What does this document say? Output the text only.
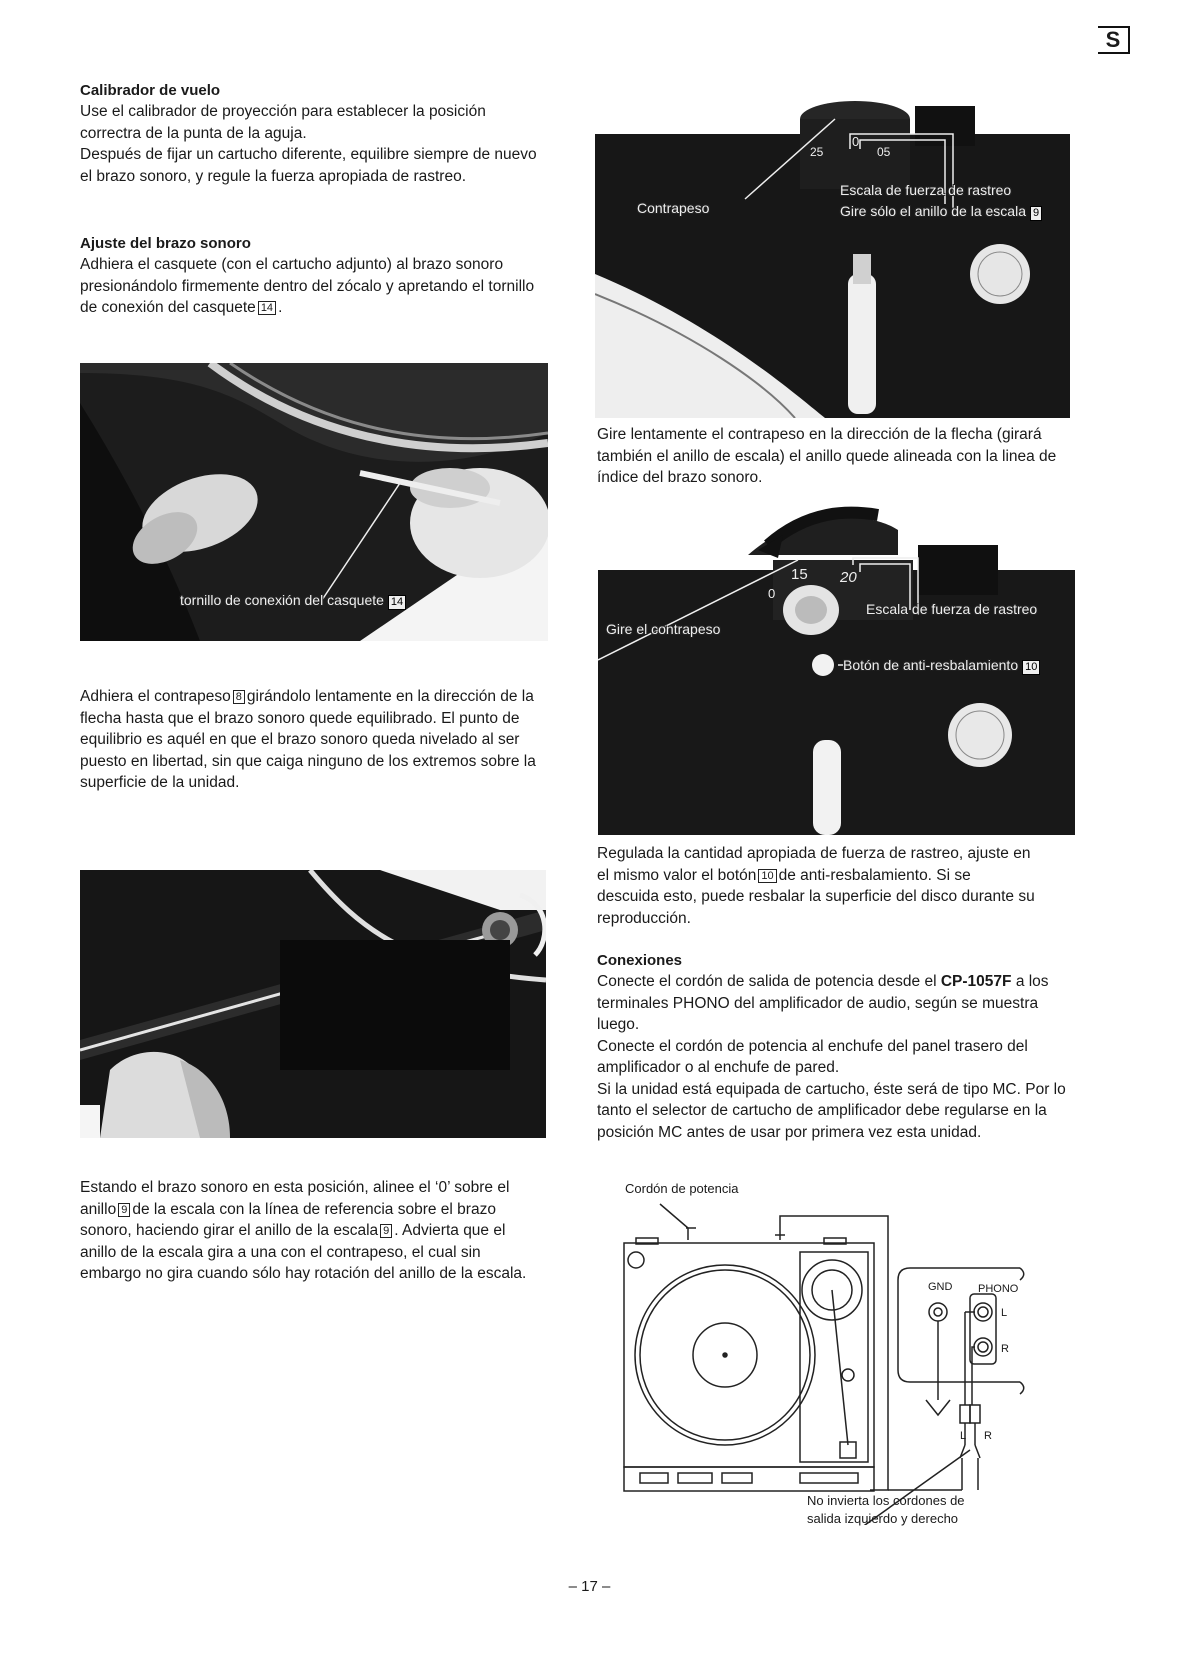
S

Calibrador de vuelo

Use el calibrador de proyección para establecer la posición correctra de la punta de la aguja.

Después de fijar un cartucho diferente, equilibre siempre de nuevo el brazo sonoro, y regule la fuerza apropiada de rastreo.

Ajuste del brazo sonoro

Adhiera el casquete (con el cartucho adjunto) al brazo sonoro presionándolo firmemente dentro del zócalo y apretando el tornillo de conexión del casquete 14 .

tornillo de conexión del casquete 14

Adhiera el contrapeso 8 girándolo lentamente en la dirección de la flecha hasta que el brazo sonoro quede equilibrado. El punto de equilibrio es aquél en que el brazo sonoro queda nivelado al ser puesto en libertad, sin que caiga ninguno de los extremos sobre la superficie de la unidad.

Estando el brazo sonoro en esta posición, alinee el ‘0’ sobre el anillo 9 de la escala con la línea de referencia sobre el brazo sonoro, haciendo girar el anillo de la escala 9 . Advierta que el anillo de la escala gira a una con el contrapeso, el cual sin embargo no gira cuando sólo hay rotación del anillo de la escala.

0
05
25
Contrapeso
Escala de fuerza de rastreo
Gire sólo el anillo de la escala 9

Gire lentamente el contrapeso en la dirección de la flecha (girará también el anillo de escala) el anillo quede alineada con la linea de índice del brazo sonoro.

15 20
0
Gire el contrapeso
Escala de fuerza de rastreo
Botón de anti-resbalamiento 10

Regulada la cantidad apropiada de fuerza de rastreo, ajuste en el mismo valor el botón 10 de anti-resbalamiento. Si se descuida esto, puede resbalar la superficie del disco durante su reproducción.

Conexiones

Conecte el cordón de salida de potencia desde el CP-1057F a los terminales PHONO del amplificador de audio, según se muestra luego.

Conecte el cordón de potencia al enchufe del panel trasero del amplificador o al enchufe de pared.

Si la unidad está equipada de cartucho, éste será de tipo MC. Por lo tanto el selector de cartucho de amplificador debe regularse en la posición MC antes de usar por primera vez esta unidad.

Cordón de potencia
GND PHONO
L
R
L R
No invierta los cordones de
salida izquierdo y derecho
– 17 –
